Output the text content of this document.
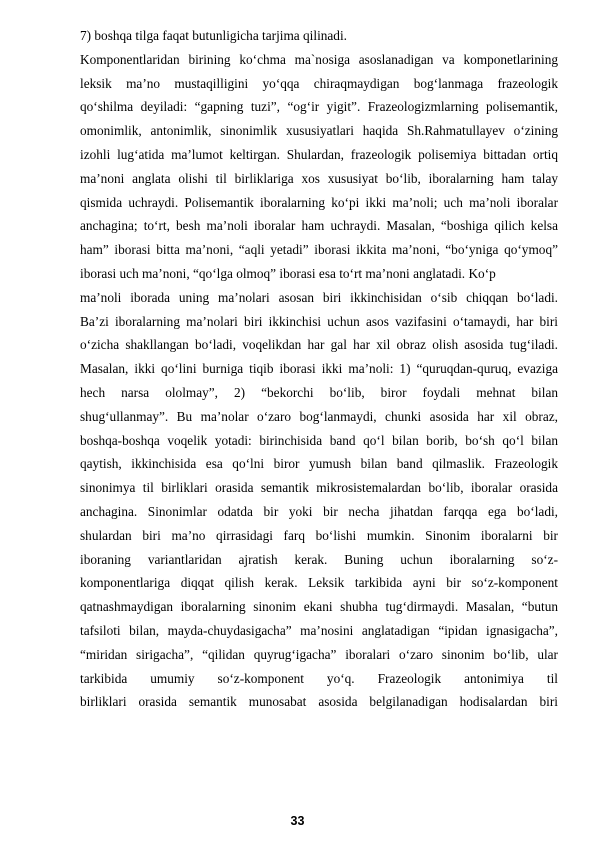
7) boshqa tilga faqat butunligicha tarjima qilinadi.
Komponentlaridan birining ko‘chma ma`nosiga asoslanadigan va komponetlarining
leksik ma’no mustaqilligini yo‘qqa chiraqmaydigan bog‘lanmaga frazeologik
qo‘shilma deyiladi: “gapning tuzi”, “og‘ir yigit”. Frazeologizmlarning polisemantik,
omonimlik, antonimlik, sinonimlik xususiyatlari haqida Sh.Rahmatullayev o‘zining
izohli lug‘atida ma’lumot keltirgan. Shulardan, frazeologik polisemiya bittadan ortiq
ma’noni anglata olishi til birliklariga xos xususiyat bo‘lib, iboralarning ham talay
qismida uchraydi. Polisemantik iboralarning ko‘pi ikki ma’noli; uch ma’noli iboralar
anchagina; to‘rt, besh ma’noli iboralar ham uchraydi. Masalan, “boshiga qilich kelsa
ham” iborasi bitta ma’noni, “aqli yetadi” iborasi ikkita ma’noni, “bo‘yniga qo‘ymoq”
iborasi uch ma’noni, “qo‘lga olmoq” iborasi esa to‘rt ma’noni anglatadi. Ko‘p
ma’noli iborada uning ma’nolari asosan biri ikkinchisidan o‘sib chiqqan bo‘ladi.
Ba’zi iboralarning ma’nolari biri ikkinchisi uchun asos vazifasini o‘tamaydi, har biri
o‘zicha shakllangan bo‘ladi, voqelikdan har gal har xil obraz olish asosida tug‘iladi.
Masalan, ikki qo‘lini burniga tiqib iborasi ikki ma’noli: 1) “quruqdan-quruq, evaziga
hech narsa ololmay”, 2) “bekorchi bo‘lib, biror foydali mehnat bilan
shug‘ullanmay”. Bu ma’nolar o‘zaro bog‘lanmaydi, chunki asosida har xil obraz,
boshqa-boshqa voqelik yotadi: birinchisida band qo‘l bilan borib, bo‘sh qo‘l bilan
qaytish, ikkinchisida esa qo‘lni biror yumush bilan band qilmaslik. Frazeologik
sinonimya til birliklari orasida semantik mikrosistemalardan bo‘lib, iboralar orasida
anchagina. Sinonimlar odatda bir yoki bir necha jihatdan farqqa ega bo‘ladi,
shulardan biri ma’no qirrasidagi farq bo‘lishi mumkin. Sinonim iboralarni bir
iboraning variantlaridan ajratish kerak. Buning uchun iboralarning so‘z-
komponentlariga diqqat qilish kerak. Leksik tarkibida ayni bir so‘z-komponent
qatnashmaydigan iboralarning sinonim ekani shubha tug‘dirmaydi. Masalan, “butun
tafsiloti bilan, mayda-chuydasigacha” ma’nosini anglatadigan “ipidan ignasigacha”,
“miridan sirigacha”, “qilidan quyrug‘igacha” iboralari o‘zaro sinonim bo‘lib, ular
tarkibida umumiy so‘z-komponent yo‘q. Frazeologik antonimiya til
birliklari orasida semantik munosabat asosida belgilanadigan hodisalardan biri
33
